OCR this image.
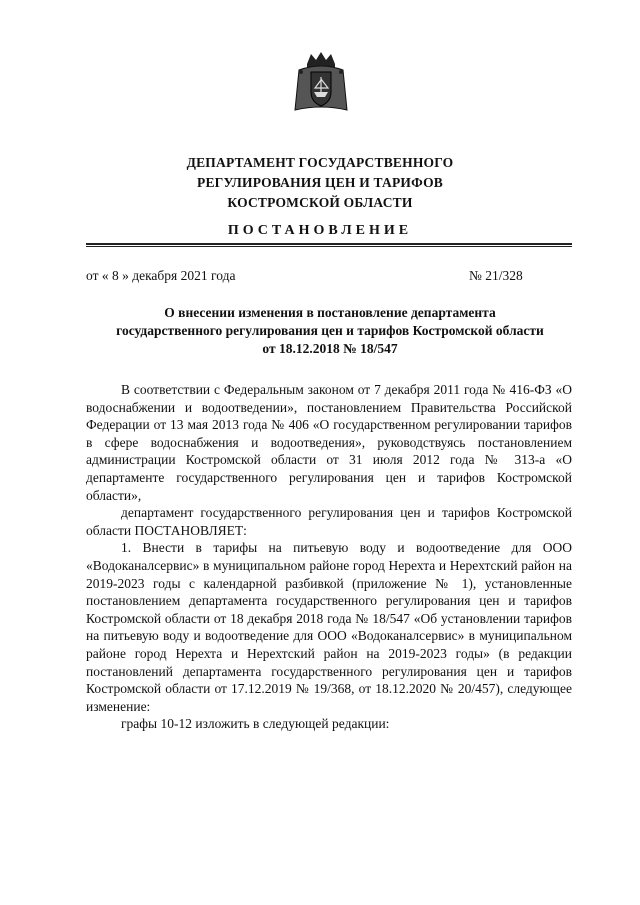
ДЕПАРТАМЕНТ ГОСУДАРСТВЕННОГО
РЕГУЛИРОВАНИЯ ЦЕН И ТАРИФОВ
КОСТРОМСКОЙ ОБЛАСТИ
ПОСТАНОВЛЕНИЕ
от « 8 » декабря 2021 года	№ 21/328
О внесении изменения в постановление департамента
государственного регулирования цен и тарифов Костромской области
от 18.12.2018 № 18/547

В соответствии с Федеральным законом от 7 декабря 2011 года № 416-ФЗ «О водоснабжении и водоотведении», постановлением Правительства Российской Федерации от 13 мая 2013 года № 406 «О государственном регулировании тарифов в сфере водоснабжения и водоотведения», руководствуясь постановлением администрации Костромской области от 31 июля 2012 года № 313-а «О департаменте государственного регулирования цен и тарифов Костромской области»,

департамент государственного регулирования цен и тарифов Костромской области ПОСТАНОВЛЯЕТ:

1. Внести в тарифы на питьевую воду и водоотведение для ООО «Водоканалсервис» в муниципальном районе город Нерехта и Нерехтский район на 2019-2023 годы с календарной разбивкой (приложение № 1), установленные постановлением департамента государственного регулирования цен и тарифов Костромской области от 18 декабря 2018 года № 18/547 «Об установлении тарифов на питьевую воду и водоотведение для ООО «Водоканалсервис» в муниципальном районе город Нерехта и Нерехтский район на 2019-2023 годы» (в редакции постановлений департамента государственного регулирования цен и тарифов Костромской области от 17.12.2019 № 19/368, от 18.12.2020 № 20/457), следующее изменение:

графы 10-12 изложить в следующей редакции:
